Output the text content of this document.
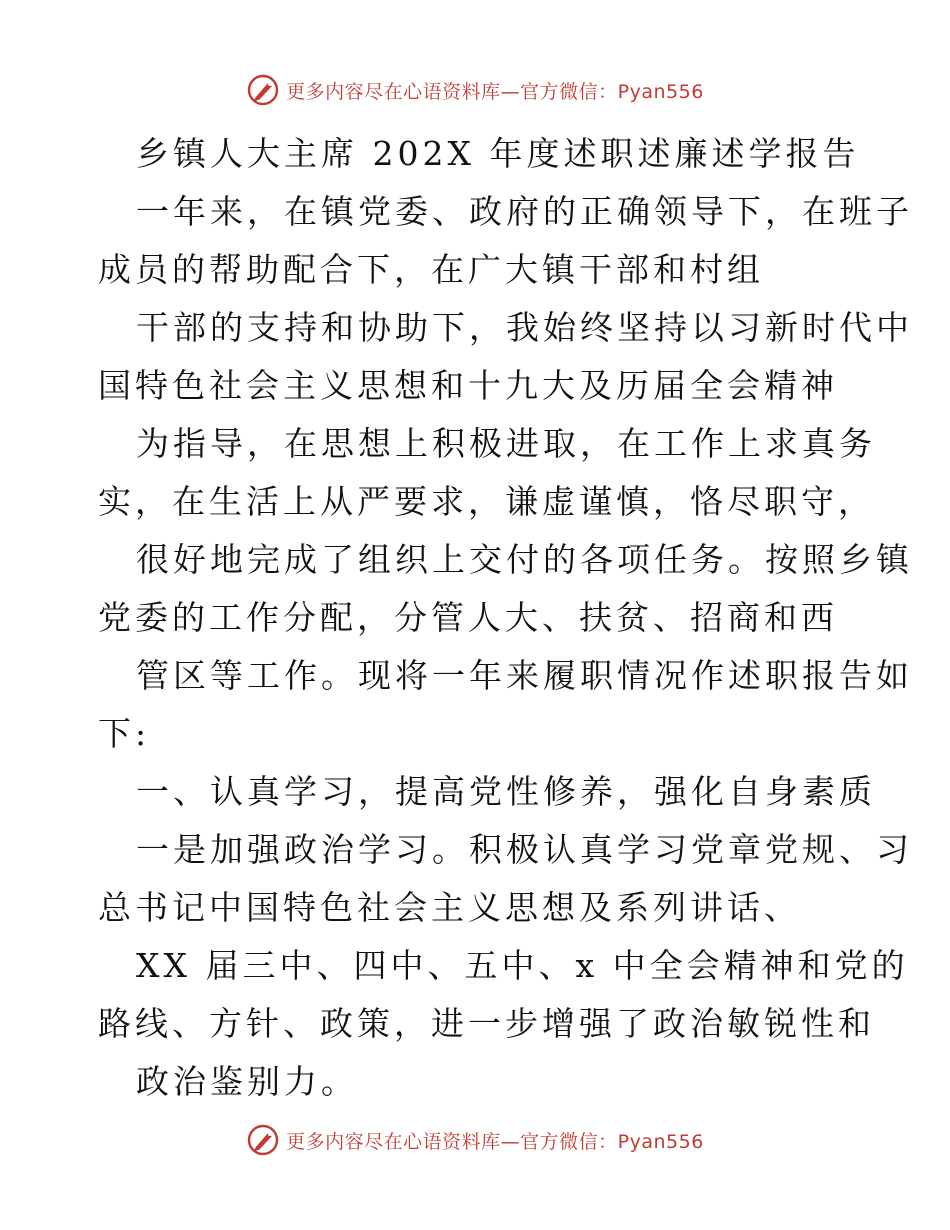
更多内容尽在心语资料库—官方微信：Pyan556
乡镇人大主席 202X 年度述职述廉述学报告
一年来，在镇党委、政府的正确领导下，在班子
成员的帮助配合下，在广大镇干部和村组
干部的支持和协助下，我始终坚持以习新时代中
国特色社会主义思想和十九大及历届全会精神
为指导，在思想上积极进取，在工作上求真务
实，在生活上从严要求，谦虚谨慎，恪尽职守，
很好地完成了组织上交付的各项任务。按照乡镇
党委的工作分配，分管人大、扶贫、招商和西
管区等工作。现将一年来履职情况作述职报告如
下:
一、认真学习，提高党性修养，强化自身素质
一是加强政治学习。积极认真学习党章党规、习
总书记中国特色社会主义思想及系列讲话、
XX 届三中、四中、五中、x 中全会精神和党的
路线、方针、政策，进一步增强了政治敏锐性和
政治鉴别力。
更多内容尽在心语资料库—官方微信：Pyan556
